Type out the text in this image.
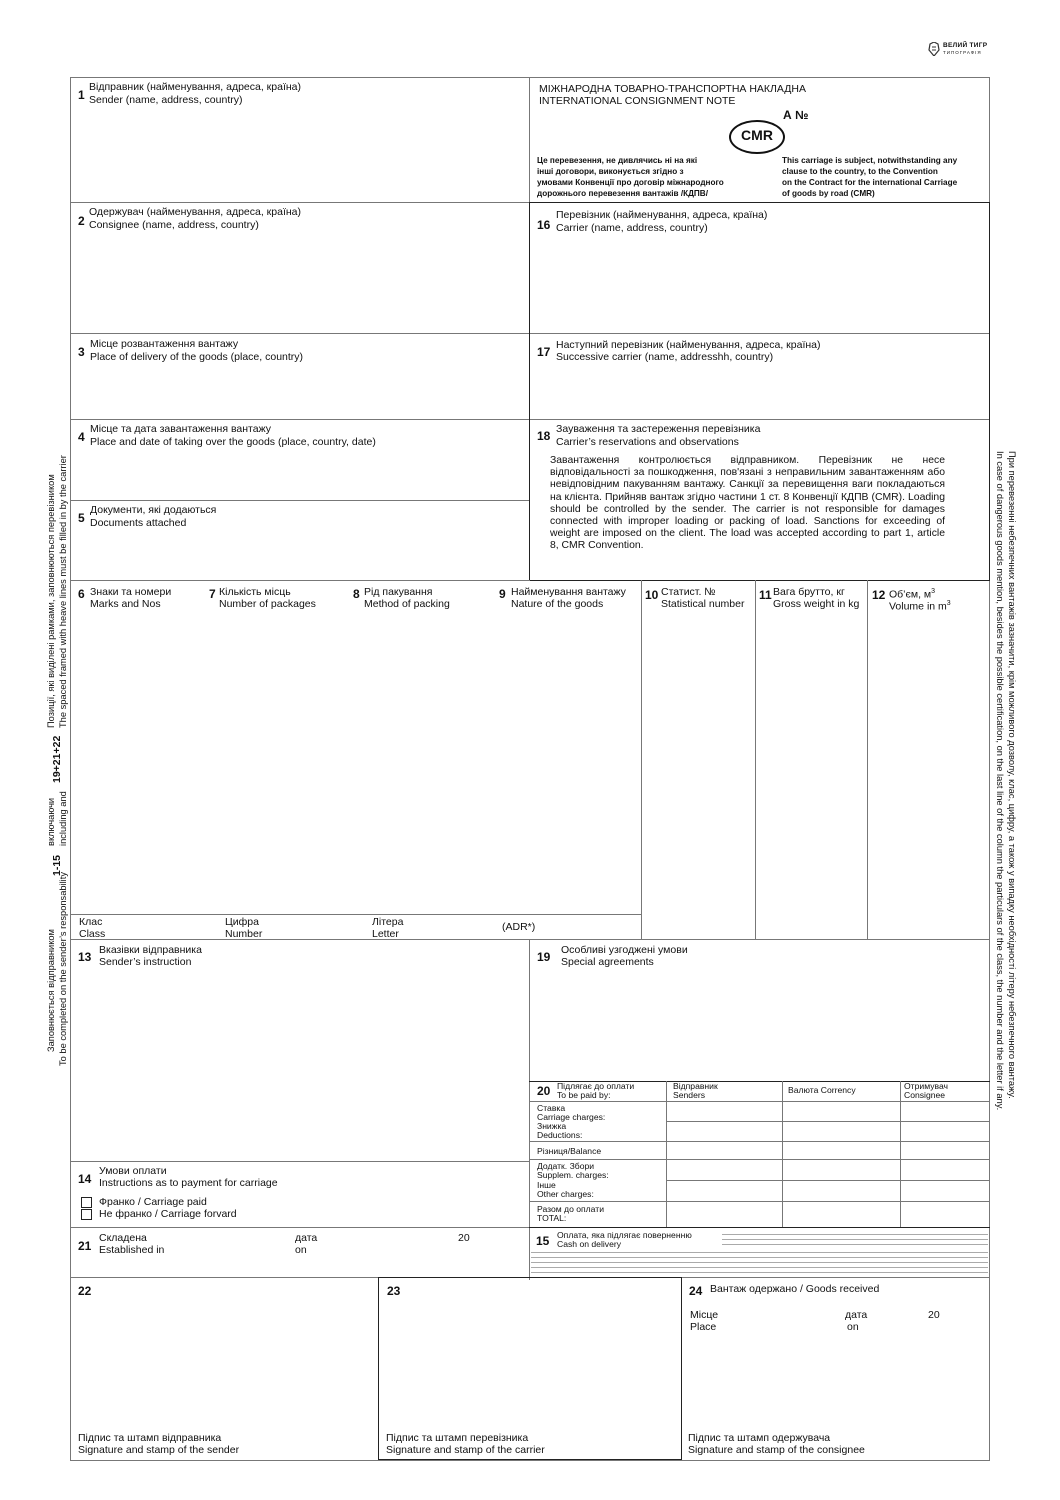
ВЕЛИЙ ТИГР
ТИПОГРАФІЯ
МІЖНАРОДНА ТОВАРНО-ТРАНСПОРТНА НАКЛАДНА
INTERNATIONAL CONSIGNMENT NOTE
А №
CMR
Це перевезення, не дивлячись ні на які
інші договори, виконується згідно з
умовами Конвенції про договір міжнародного
дорожнього перевезення вантажів /КДПВ/
This carriage is subject, notwithstanding any
clause to the country, to the Convention
on the Contract for the international Carriage
of goods by road (CMR)
1
Відправник (найменування, адреса, країна)
Sender (name, address, country)
2
Одержувач (найменування, адреса, країна)
Consignee (name, address, country)
3
Місце розвантаження вантажу
Place of delivery of the goods (place, country)
4
Місце та дата завантаження вантажу
Place and date of taking over the goods (place, country, date)
5
Документи, які додаються
Documents attached
16
Перевізник (найменування, адреса, країна)
Carrier (name, address, country)
17 Наступний перевізник (найменування, адреса, країна)
Successive carrier (name, addresshh, country)
18 Зауваження та застереження перевізника
Carrier’s reservations and observations
Завантаження контролюється відправником. Перевізник не несе відповідальності за пошкодження, пов'язані з неправильним завантаженням або невідповідним пакуванням вантажу. Санкції за перевищення ваги покладаються на клієнта. Прийняв вантаж згідно частини 1 ст. 8 Конвенції КДПВ (CMR). Loading should be controlled by the sender. The carrier is not responsible for damages connected with improper loading or packing of load. Sanctions for exceeding of weight are imposed on the client. The load was accepted according to part 1, article 8, CMR Convention.
6 Знаки та номери
Marks and Nos
7 Кількість місць
Number of packages
8 Рід пакування
Method of packing
9 Найменування вантажу
Nature of the goods
10 Статист. №
Statistical number
11 Вага брутто, кг
Gross weight in kg
12 Об’єм, $м^3$
Volume in $m^3$
Клас
Class
Цифра
Number
Літера
Letter
(ADR*)
13 Вказівки відправника
Sender’s instruction	19 Особливі узгоджені умови
Special agreements
20 Підлягає до оплати
To be paid by:
Відправник
Senders	Валюта Corrency	Отримувач
Consignee
Ставка
Carriage charges:
Знижка
Deductions:
Різниця/Balance
Додатк. Збори
Supplem. charges:
Інше
Other charges:
Разом до оплати
TOTAL:
14
Умови оплати
Instructions as to payment for carriage
Франко / Carriage paid
Не франко / Carriage forvard
21
Складена
Established in
дата
on
20	15 Оплата, яка підлягає поверненню
Cash on delivery
22
Підпис та штамп відправника
Signature and stamp of the sender
23
Підпис та штамп перевізника
Signature and stamp of the carrier
24 Вантаж одержано / Goods received
Місце
Place
дата
on
20
Підпис та штамп одержувача
Signature and stamp of the consignee
Заповнюється відправником To be completed on the sender’s responsability
1-15
включаючи including and
19+21+22
Позиції, які виділені рамками, заповнюються перевізником The spaced framed with heave lines must be filled in by the carrier	При перевезенні небезпечних вантажів зазначити, крім можливого дозволу, клас, цифру, а також у випадку необхідності літеру небезпечного вантажу.
In case of dangerous goods mention, besides the possible certification, on the last line of the column the particulars of the class, the number and the letter if any.
